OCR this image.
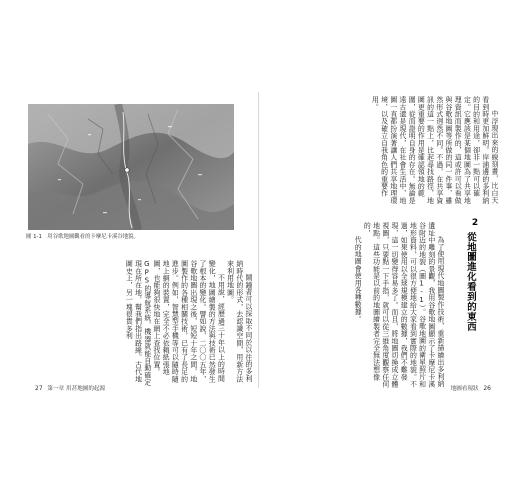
圖 1-1　用谷歌地圖觀看的卡摩尼卡溪谷地貌。

鬧鐘者可以採取不同於以往的多利納時代的形式，去認識空間，用新方法來利用地圖。

不用說，經歷過三十年以上的時間變化，地圖繪製的方法與技術已然發生了根本的變化。譬如說，二〇〇五年，谷歌地圖出現之後，短短十年之間，地圖製作的各種相關技術，已有了長足的進步。例如，智慧型手機等可以隨時隨地上網的裝置，完全不必依賴紙張地圖，也能夠很快地在網上查找位置。GPS的導航系統，機器就能自動確定現在所在地，幫我們指出路線。古代地圖史上，另一塊很貴多利

27 第一章 用甚地圖的起源

中浮現出來的線刻畫，比白天看到時更加鮮明。岸浦邊的多利納的目的和用途，卻非一點可以確定。它應該是某個地圖為了共享地理資訊而製作的，這或許可以看做與谷歌地圖等所做的同一件事，雖然形式迥然不同。不過，在共享資訊的這一點上，比起尋找路徑，地圖更重要的作用是確認領地的範圍，從而證明自身的存在。無論是遠古還是現代，在社會生活中，地圖一直都扮演著讓人們共享地理環境，以及確立自我角色的重要作用。

2
從地圖進化看到的東西

為了使用現代地圖製作技術，重新描繪出多利納遺址中雕刻的景觀，我用谷歌地圖顯示了卡摩尼卡溪谷附近的地貌（圖1-1）。谷歌地圖的衛星照片和地形資料，可以很方便地給大家看到實際的地貌。不過，如果使用以全球規模建立的數據，我們不難發現，這一切變得容易多了。而且，將地圖切換成立體視圖，只要點一下手指，就可以從三維角度觀察任何地點。這些功能是以前的地圖繪製者完全無法想像的，

代的地圖會使用各種數據。

地圖看現狀 26
